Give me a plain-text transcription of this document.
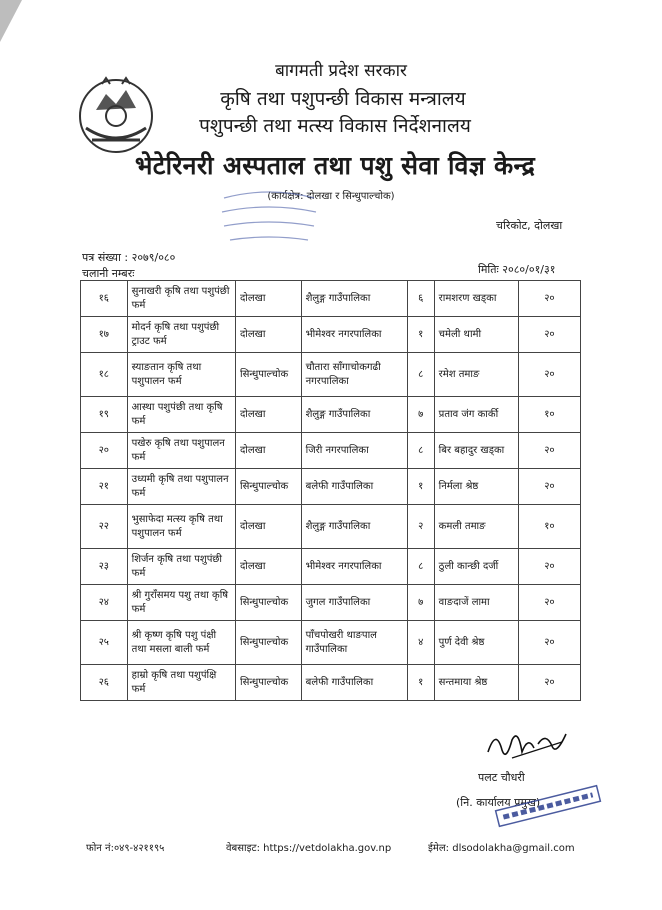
बागमती प्रदेश सरकार
कृषि तथा पशुपन्छी विकास मन्त्रालय
पशुपन्छी तथा मत्स्य विकास निर्देशनालय
भेटेरिनरी अस्पताल तथा पशु सेवा विज्ञ केन्द्र
(कार्यक्षेत्र: दोलखा र सिन्धुपाल्चोक)
चरिकोट, दोलखा
पत्र संख्या : २०७९/०८०
चलानी नम्बरः	मितिः २०८०/०१/३१
१६	सुनाखरी कृषि तथा पशुपंछी फर्म	दोलखा	शैलुङ्ग गाउँपालिका	६	रामशरण खड्का	२०
१७	मोदर्न कृषि तथा पशुपंछी ट्राउट फर्म	दोलखा	भीमेश्वर नगरपालिका	१	चमेली थामी	२०
१८	स्याङतान कृषि तथा पशुपालन फर्म	सिन्धुपाल्चोक	चौतारा साँगाचोकगढी नगरपालिका	८	रमेश तमाङ	२०
१९	आस्था पशुपंछी तथा कृषि फर्म	दोलखा	शैलुङ्ग गाउँपालिका	७	प्रताव जंग कार्की	१०
२०	पखेरु कृषि तथा पशुपालन फर्म	दोलखा	जिरी नगरपालिका	८	बिर बहादुर खड्का	२०
२१	उध्यमी कृषि तथा पशुपालन फर्म	सिन्धुपाल्चोक	बलेफी गाउँपालिका	१	निर्मला श्रेष्ठ	२०
२२	भुसाफेदा मत्स्य कृषि तथा पशुपालन फर्म	दोलखा	शैलुङ्ग गाउँपालिका	२	कमली तमाङ	१०
२३	शिर्जन कृषि तथा पशुपंछी फर्म	दोलखा	भीमेश्वर नगरपालिका	८	ठुली कान्छी दर्जी	२०
२४	श्री गुराँसमय पशु तथा कृषि फर्म	सिन्धुपाल्चोक	जुगल गाउँपालिका	७	वाङदाजें लामा	२०
२५	श्री कृष्ण कृषि पशु पंक्षी तथा मसला बाली फर्म	सिन्धुपाल्चोक	पाँचपोखरी थाङपाल गाउँपालिका	४	पुर्ण देवी श्रेष्ठ	२०
२६	हाम्रो कृषि तथा पशुपंक्षि फर्म	सिन्धुपाल्चोक	बलेफी गाउँपालिका	१	सन्तमाया श्रेष्ठ	२०
पलट चौधरी
(नि. कार्यालय प्रमुख)
फोन नं:०४९-४२११९५	वेबसाइट: https://vetdolakha.gov.np	ईमेल: dlsodolakha@gmail.com
